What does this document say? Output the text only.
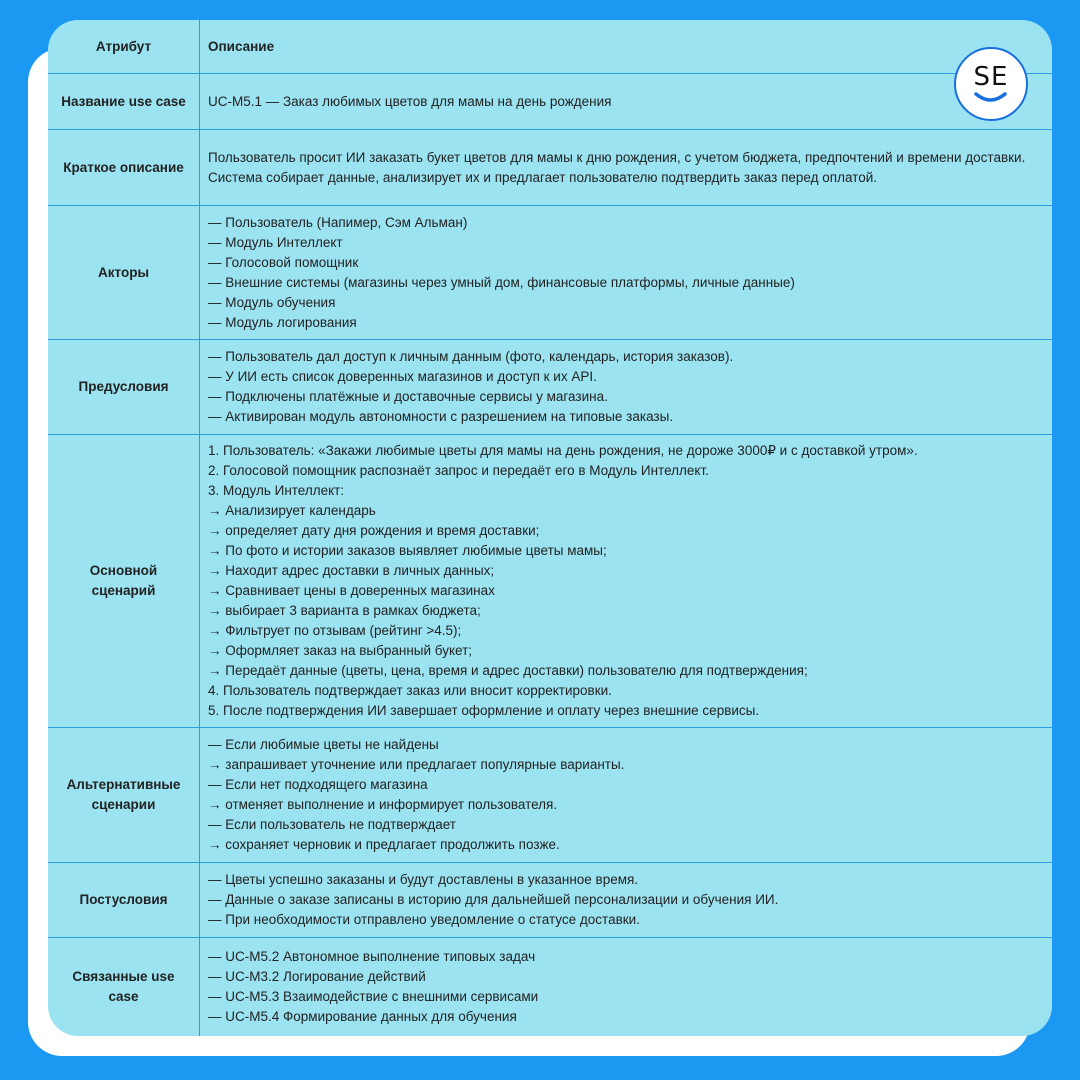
Атрибут	Описание
Название use case	UC-M5.1 — Заказ любимых цветов для мамы на день рождения
Краткое описание
Пользователь просит ИИ заказать букет цветов для мамы к дню рождения, с учетом бюджета, предпочтений и времени доставки. Система собирает данные, анализирует их и предлагает пользователю подтвердить заказ перед оплатой.
Акторы
— Пользователь (Напимер, Сэм Альман)
— Модуль Интеллект
— Голосовой помощник
— Внешние системы (магазины через умный дом, финансовые платформы, личные данные)
— Модуль обучения
— Модуль логирования
Предусловия
— Пользователь дал доступ к личным данным (фото, календарь, история заказов).
— У ИИ есть список доверенных магазинов и доступ к их API.
— Подключены платёжные и доставочные сервисы у магазина.
— Активирован модуль автономности с разрешением на типовые заказы.
Основной сценарий
1. Пользователь: «Закажи любимые цветы для мамы на день рождения, не дороже 3000₽ и с доставкой утром».
2. Голосовой помощник распознаёт запрос и передаёт его в Модуль Интеллект.
3. Модуль Интеллект:
→ Анализирует календарь
→ определяет дату дня рождения и время доставки;
→ По фото и истории заказов выявляет любимые цветы мамы;
→ Находит адрес доставки в личных данных;
→ Сравнивает цены в доверенных магазинах
→ выбирает 3 варианта в рамках бюджета;
→ Фильтрует по отзывам (рейтинг >4.5);
→ Оформляет заказ на выбранный букет;
→ Передаёт данные (цветы, цена, время и адрес доставки) пользователю для подтверждения;
4. Пользователь подтверждает заказ или вносит корректировки.
5. После подтверждения ИИ завершает оформление и оплату через внешние сервисы.
Альтернативные сценарии
— Если любимые цветы не найдены
→ запрашивает уточнение или предлагает популярные варианты.
— Если нет подходящего магазина
→ отменяет выполнение и информирует пользователя.
— Если пользователь не подтверждает
→ сохраняет черновик и предлагает продолжить позже.
Постусловия
— Цветы успешно заказаны и будут доставлены в указанное время.
— Данные о заказе записаны в историю для дальнейшей персонализации и обучения ИИ.
— При необходимости отправлено уведомление о статусе доставки.
Связанные use case
— UC-M5.2 Автономное выполнение типовых задач
— UC-M3.2 Логирование действий
— UC-M5.3 Взаимодействие с внешними сервисами
— UC-M5.4 Формирование данных для обучения
SE
